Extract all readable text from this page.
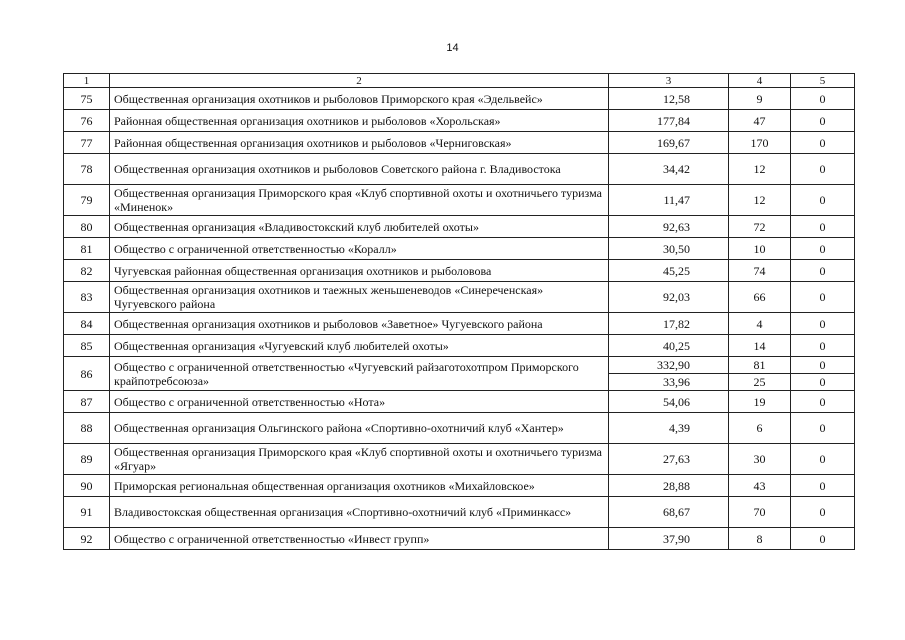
14
1	2	3	4	5
75	Общественная организация охотников и рыболовов Приморского края «Эдельвейс»	12,58	9	0
76	Районная общественная организация охотников и рыболовов «Хорольская»	177,84	47	0
77	Районная общественная организация охотников и рыболовов «Черниговская»	169,67	170	0
78	Общественная организация охотников и рыболовов Советского района г. Владивостока	34,42	12	0
79	Общественная организация Приморского края «Клуб спортивной охоты и охотничьего туризма «Миненок»	11,47	12	0
80	Общественная организация «Владивостокский клуб любителей охоты»	92,63	72	0
81	Общество с ограниченной ответственностью «Коралл»	30,50	10	0
82	Чугуевская районная общественная организация охотников и рыболовова	45,25	74	0
83	Общественная организация охотников и таежных женьшеневодов «Синереченская» Чугуевского района	92,03	66	0
84	Общественная организация охотников и рыболовов «Заветное» Чугуевского района	17,82	4	0
85	Общественная организация «Чугуевский клуб любителей охоты»	40,25	14	0
86	Общество с ограниченной ответственностью «Чугуевский райзаготохотпром Приморского крайпотребсоюза»	332,90	81	0
		33,96	25	0
87	Общество с ограниченной ответственностью «Нота»	54,06	19	0
88	Общественная организация Ольгинского района «Спортивно-охотничий клуб «Хантер»	4,39	6	0
89	Общественная организация Приморского края «Клуб спортивной охоты и охотничьего туризма «Ягуар»	27,63	30	0
90	Приморская региональная общественная организация охотников «Михайловское»	28,88	43	0
91	Владивостокская общественная организация «Спортивно-охотничий клуб «Приминкасс»	68,67	70	0
92	Общество с ограниченной ответственностью «Инвест групп»	37,90	8	0
